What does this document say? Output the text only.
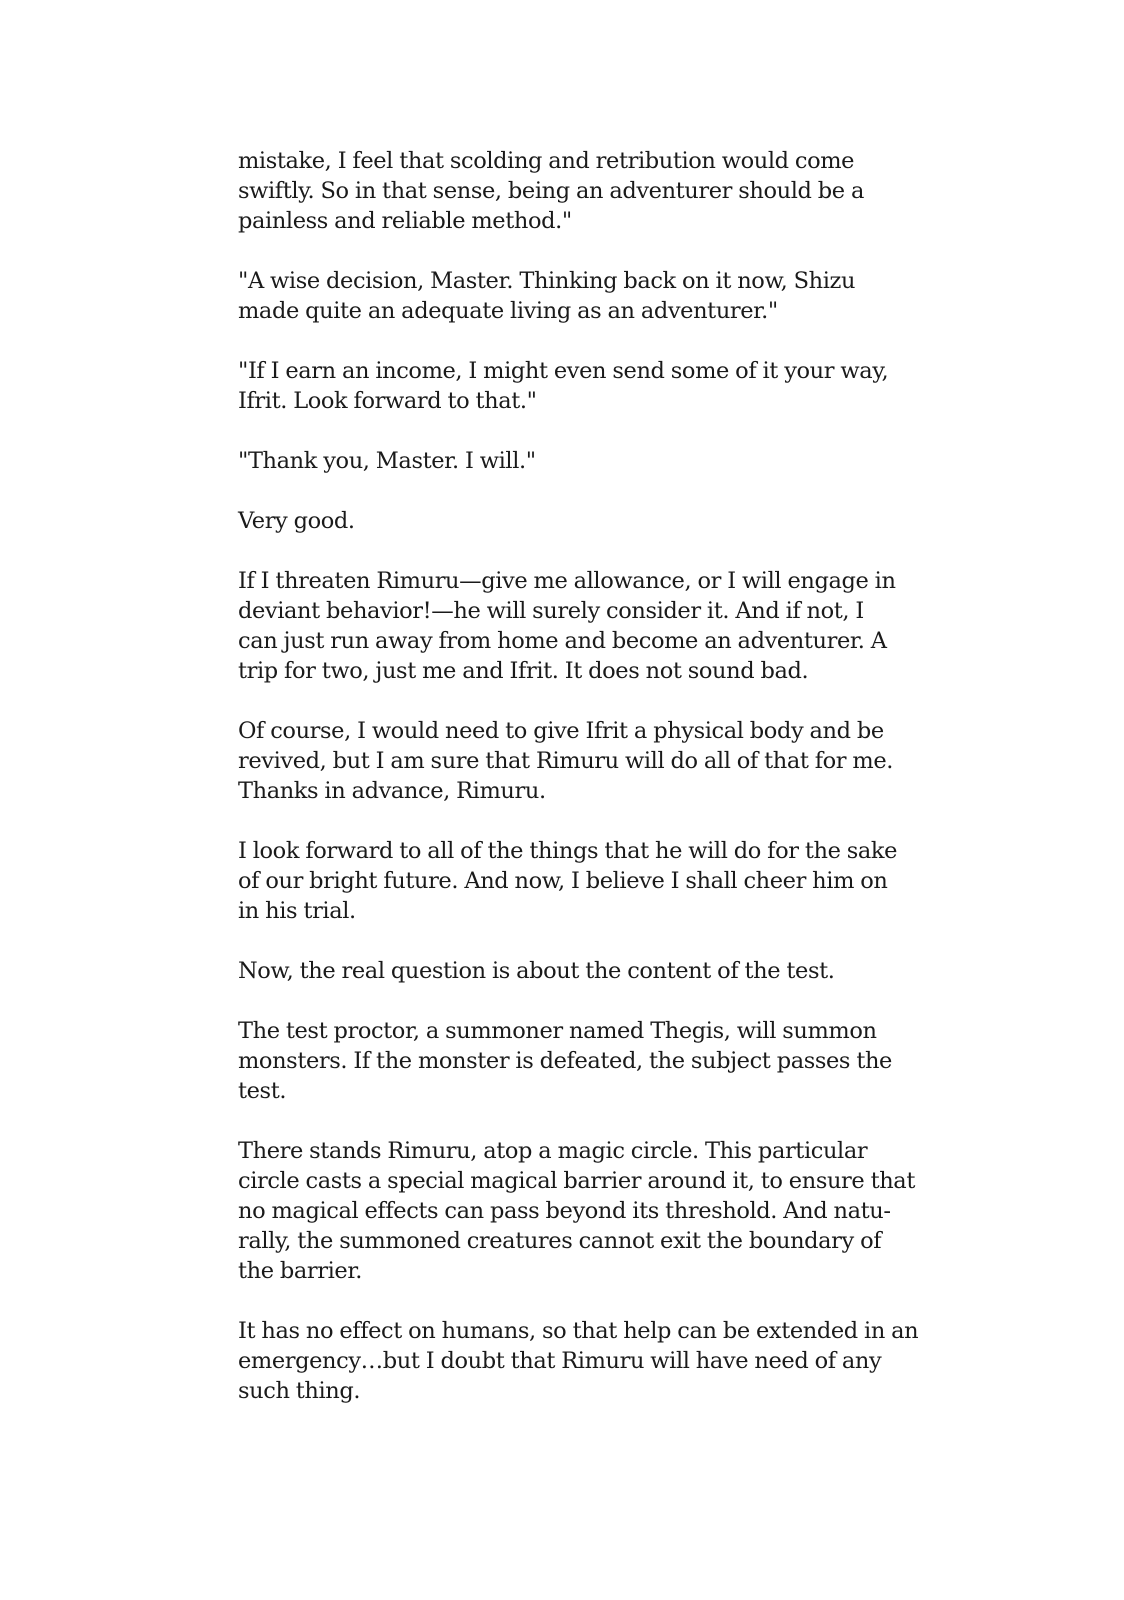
mistake, I feel that scolding and retribution would come
swiftly. So in that sense, being an adventurer should be a
painless and reliable method."

"A wise decision, Master. Thinking back on it now, Shizu
made quite an adequate living as an adventurer."

"If I earn an income, I might even send some of it your way,
Ifrit. Look forward to that."

"Thank you, Master. I will."

Very good.

If I threaten Rimuru—give me allowance, or I will engage in
deviant behavior!—he will surely consider it. And if not, I
can just run away from home and become an adventurer. A
trip for two, just me and Ifrit. It does not sound bad.

Of course, I would need to give Ifrit a physical body and be
revived, but I am sure that Rimuru will do all of that for me.
Thanks in advance, Rimuru.

I look forward to all of the things that he will do for the sake
of our bright future. And now, I believe I shall cheer him on
in his trial.

Now, the real question is about the content of the test.

The test proctor, a summoner named Thegis, will summon
monsters. If the monster is defeated, the subject passes the
test.

There stands Rimuru, atop a magic circle. This particular
circle casts a special magical barrier around it, to ensure that
no magical effects can pass beyond its threshold. And natu-
rally, the summoned creatures cannot exit the boundary of
the barrier.

It has no effect on humans, so that help can be extended in an
emergency…but I doubt that Rimuru will have need of any
such thing.
